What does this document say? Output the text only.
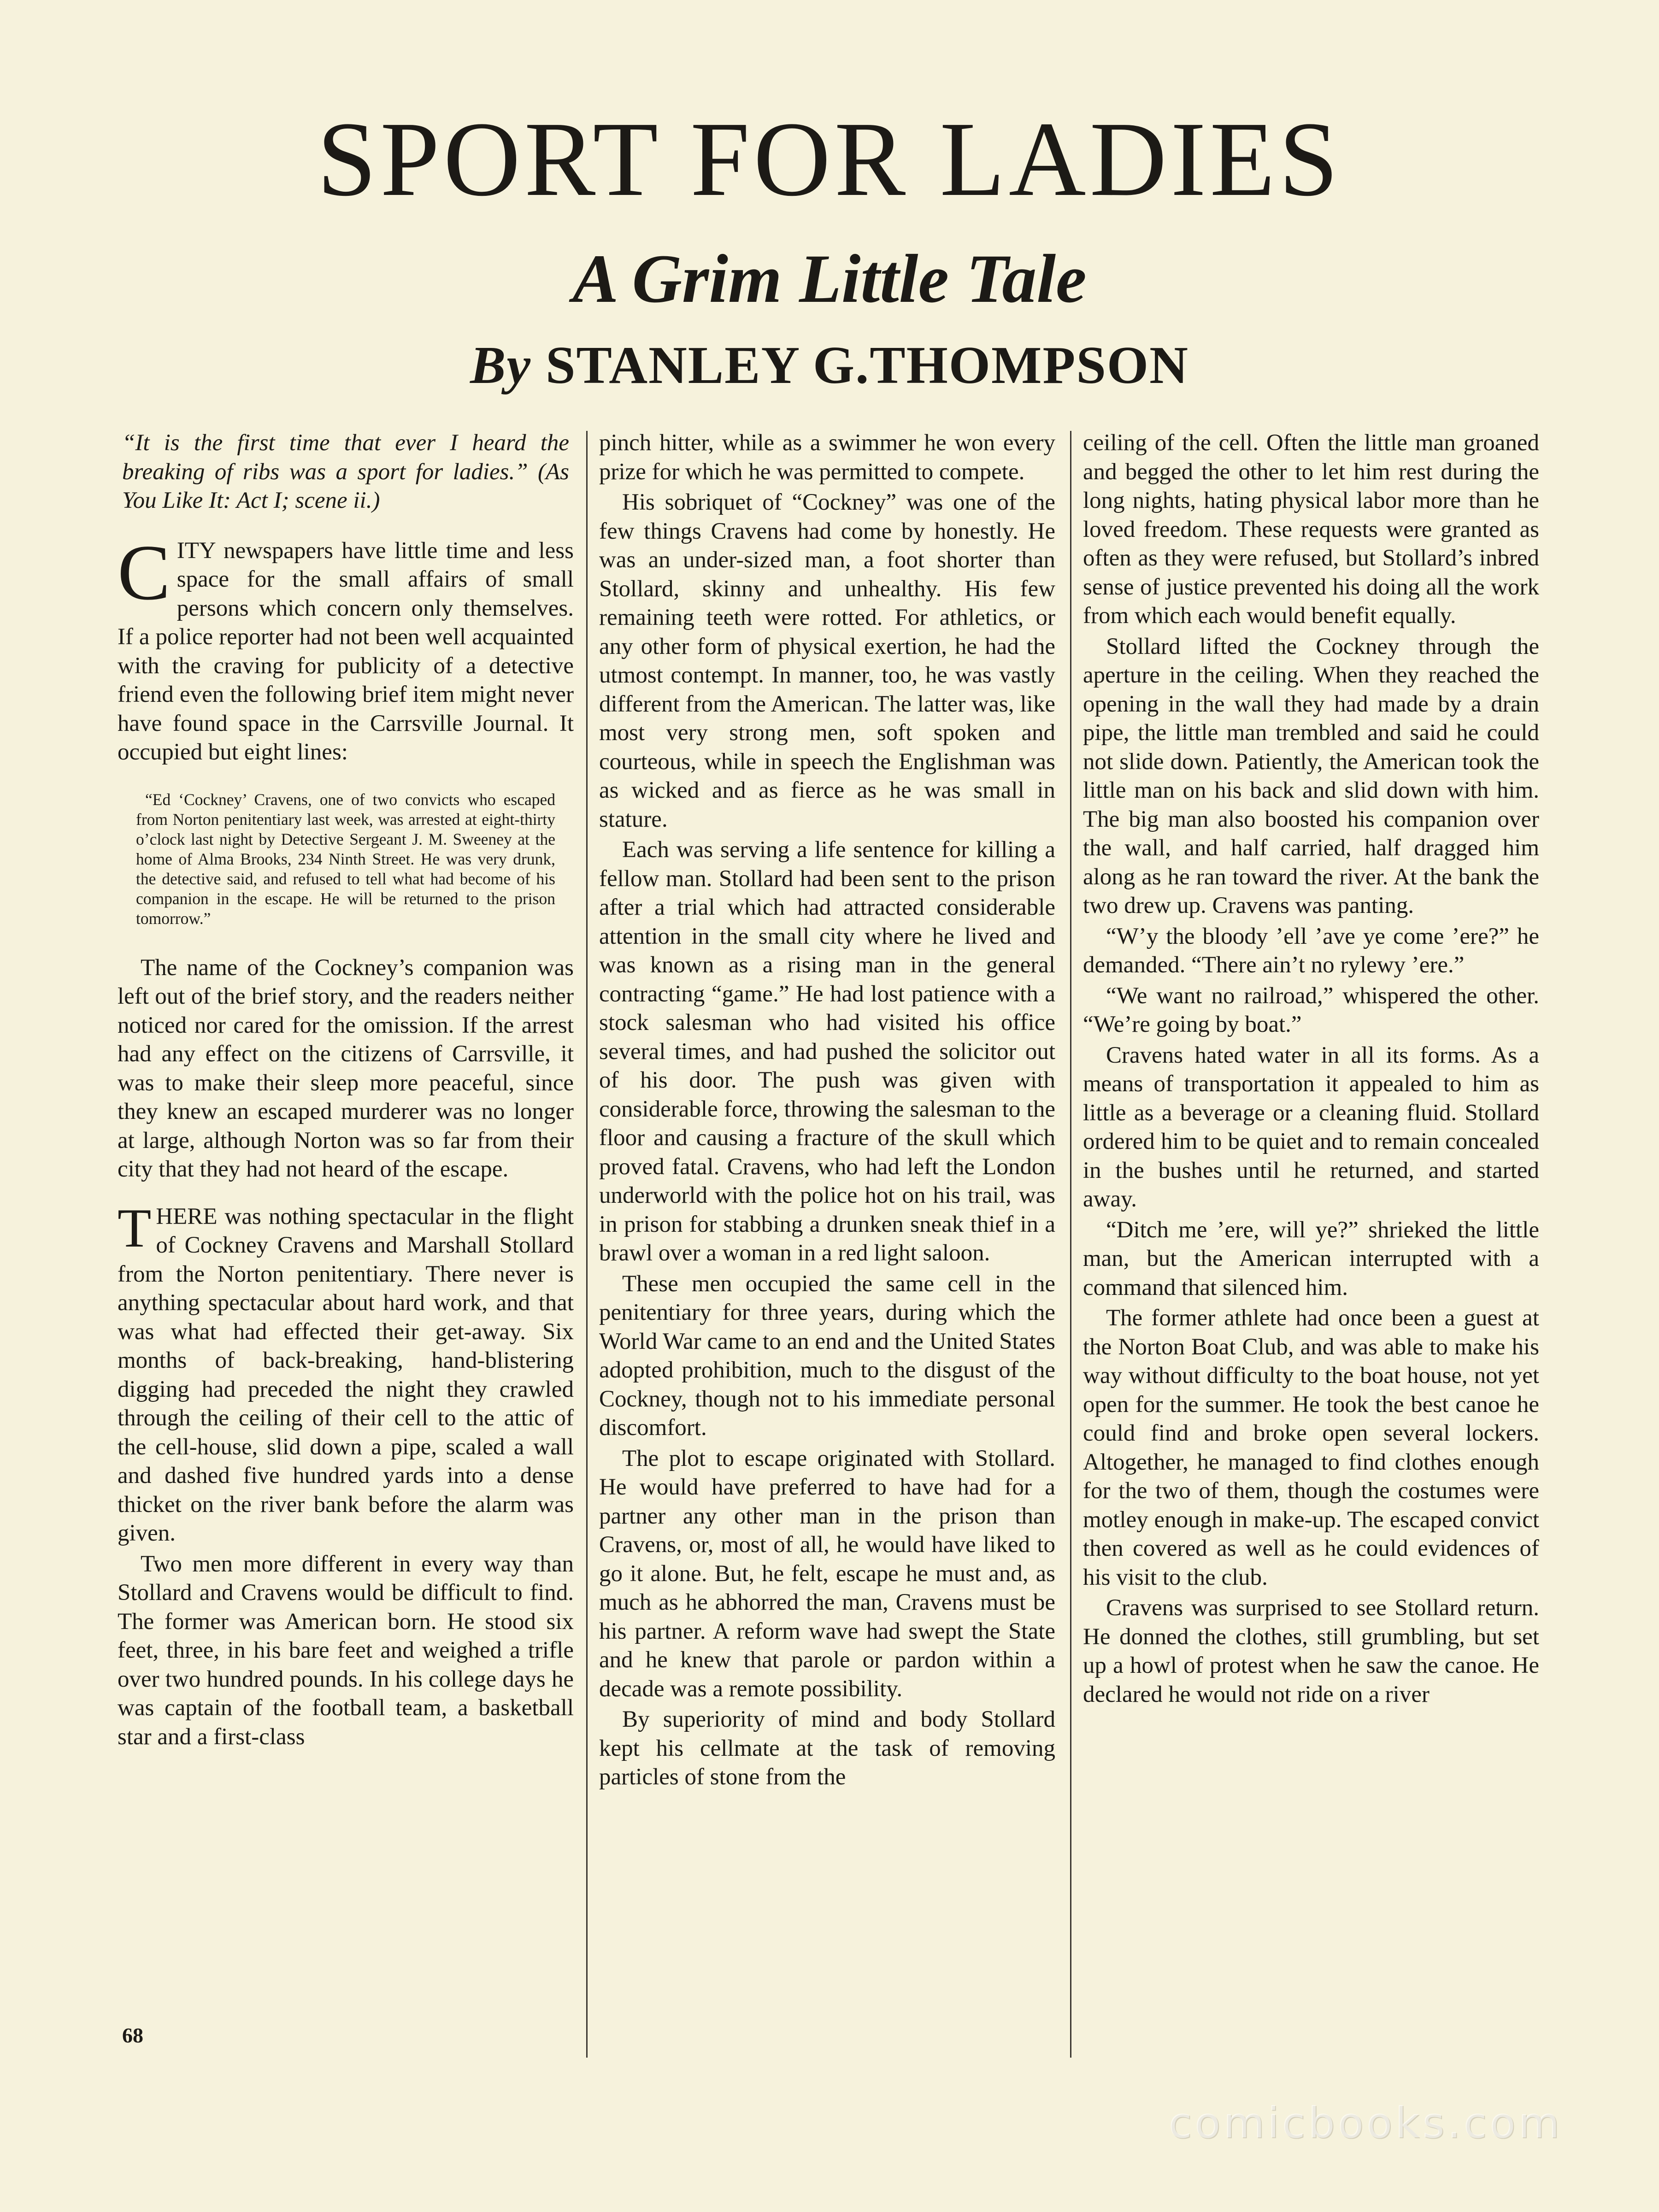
SPORT FOR LADIES
A Grim Little Tale
By STANLEY G.THOMPSON

“It is the first time that ever I heard the breaking of ribs was a sport for ladies.” (As You Like It: Act I; scene ii.)

CITY newspapers have little time and less space for the small affairs of small persons which concern only themselves. If a police reporter had not been well acquainted with the craving for publicity of a detective friend even the following brief item might never have found space in the Carrsville Journal. It occupied but eight lines:

“Ed ‘Cockney’ Cravens, one of two convicts who escaped from Norton penitentiary last week, was arrested at eight-thirty o’clock last night by Detective Sergeant J. M. Sweeney at the home of Alma Brooks, 234 Ninth Street. He was very drunk, the detective said, and refused to tell what had become of his companion in the escape. He will be returned to the prison tomorrow.”

The name of the Cockney’s companion was left out of the brief story, and the readers neither noticed nor cared for the omission. If the arrest had any effect on the citizens of Carrsville, it was to make their sleep more peaceful, since they knew an escaped murderer was no longer at large, although Norton was so far from their city that they had not heard of the escape.

THERE was nothing spectacular in the flight of Cockney Cravens and Marshall Stollard from the Norton penitentiary. There never is anything spectacular about hard work, and that was what had effected their get-away. Six months of back-breaking, hand-blistering digging had preceded the night they crawled through the ceiling of their cell to the attic of the cell-house, slid down a pipe, scaled a wall and dashed five hundred yards into a dense thicket on the river bank before the alarm was given.

Two men more different in every way than Stollard and Cravens would be difficult to find. The former was American born. He stood six feet, three, in his bare feet and weighed a trifle over two hundred pounds. In his college days he was captain of the football team, a basketball star and a first-class

pinch hitter, while as a swimmer he won every prize for which he was permitted to compete.

His sobriquet of “Cockney” was one of the few things Cravens had come by honestly. He was an under-sized man, a foot shorter than Stollard, skinny and unhealthy. His few remaining teeth were rotted. For athletics, or any other form of physical exertion, he had the utmost contempt. In manner, too, he was vastly different from the American. The latter was, like most very strong men, soft spoken and courteous, while in speech the Englishman was as wicked and as fierce as he was small in stature.

Each was serving a life sentence for killing a fellow man. Stollard had been sent to the prison after a trial which had attracted considerable attention in the small city where he lived and was known as a rising man in the general contracting “game.” He had lost patience with a stock salesman who had visited his office several times, and had pushed the solicitor out of his door. The push was given with considerable force, throwing the salesman to the floor and causing a fracture of the skull which proved fatal. Cravens, who had left the London underworld with the police hot on his trail, was in prison for stabbing a drunken sneak thief in a brawl over a woman in a red light saloon.

These men occupied the same cell in the penitentiary for three years, during which the World War came to an end and the United States adopted prohibition, much to the disgust of the Cockney, though not to his immediate personal discomfort.

The plot to escape originated with Stollard. He would have preferred to have had for a partner any other man in the prison than Cravens, or, most of all, he would have liked to go it alone. But, he felt, escape he must and, as much as he abhorred the man, Cravens must be his partner. A reform wave had swept the State and he knew that parole or pardon within a decade was a remote possibility.

By superiority of mind and body Stollard kept his cellmate at the task of removing particles of stone from the

ceiling of the cell. Often the little man groaned and begged the other to let him rest during the long nights, hating physical labor more than he loved freedom. These requests were granted as often as they were refused, but Stollard’s inbred sense of justice prevented his doing all the work from which each would benefit equally.

Stollard lifted the Cockney through the aperture in the ceiling. When they reached the opening in the wall they had made by a drain pipe, the little man trembled and said he could not slide down. Patiently, the American took the little man on his back and slid down with him. The big man also boosted his companion over the wall, and half carried, half dragged him along as he ran toward the river. At the bank the two drew up. Cravens was panting.

“W’y the bloody ’ell ’ave ye come ’ere?” he demanded. “There ain’t no rylewy ’ere.”

“We want no railroad,” whispered the other. “We’re going by boat.”

Cravens hated water in all its forms. As a means of transportation it appealed to him as little as a beverage or a cleaning fluid. Stollard ordered him to be quiet and to remain concealed in the bushes until he returned, and started away.

“Ditch me ’ere, will ye?” shrieked the little man, but the American interrupted with a command that silenced him.

The former athlete had once been a guest at the Norton Boat Club, and was able to make his way without difficulty to the boat house, not yet open for the summer. He took the best canoe he could find and broke open several lockers. Altogether, he managed to find clothes enough for the two of them, though the costumes were motley enough in make-up. The escaped convict then covered as well as he could evidences of his visit to the club.

Cravens was surprised to see Stollard return. He donned the clothes, still grumbling, but set up a howl of protest when he saw the canoe. He declared he would not ride on a river

68
comicbooks.com
